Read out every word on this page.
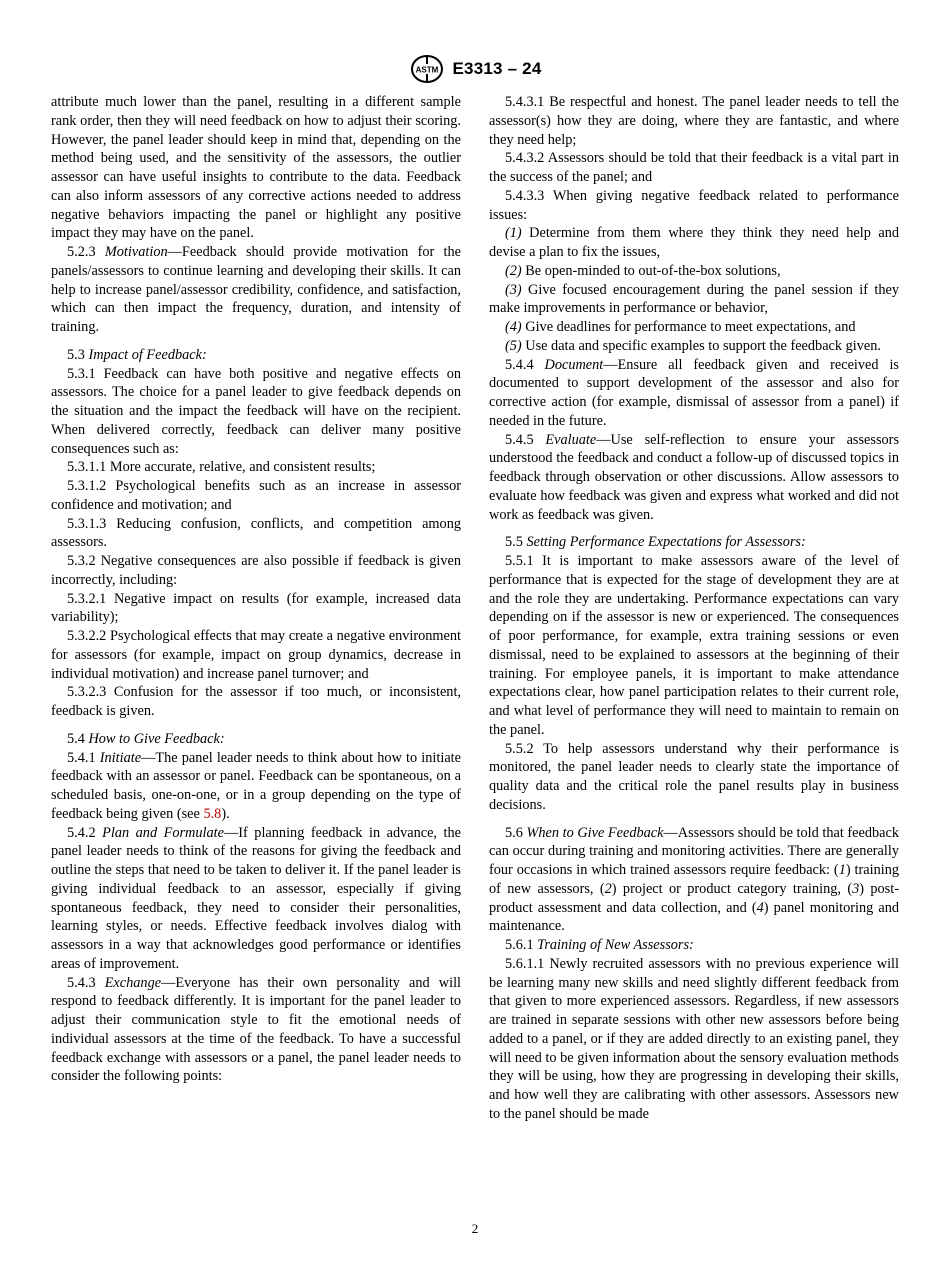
ASTM E3313 – 24

attribute much lower than the panel, resulting in a different sample rank order, then they will need feedback on how to adjust their scoring. However, the panel leader should keep in mind that, depending on the method being used, and the sensitivity of the assessors, the outlier assessor can have useful insights to contribute to the data. Feedback can also inform assessors of any corrective actions needed to address negative behaviors impacting the panel or highlight any positive impact they may have on the panel.

5.2.3 Motivation—Feedback should provide motivation for the panels/assessors to continue learning and developing their skills. It can help to increase panel/assessor credibility, confidence, and satisfaction, which can then impact the frequency, duration, and intensity of training.

5.3 Impact of Feedback:

5.3.1 Feedback can have both positive and negative effects on assessors. The choice for a panel leader to give feedback depends on the situation and the impact the feedback will have on the recipient. When delivered correctly, feedback can deliver many positive consequences such as:

5.3.1.1 More accurate, relative, and consistent results;

5.3.1.2 Psychological benefits such as an increase in assessor confidence and motivation; and

5.3.1.3 Reducing confusion, conflicts, and competition among assessors.

5.3.2 Negative consequences are also possible if feedback is given incorrectly, including:

5.3.2.1 Negative impact on results (for example, increased data variability);

5.3.2.2 Psychological effects that may create a negative environment for assessors (for example, impact on group dynamics, decrease in individual motivation) and increase panel turnover; and

5.3.2.3 Confusion for the assessor if too much, or inconsistent, feedback is given.

5.4 How to Give Feedback:

5.4.1 Initiate—The panel leader needs to think about how to initiate feedback with an assessor or panel. Feedback can be spontaneous, on a scheduled basis, one-on-one, or in a group depending on the type of feedback being given (see 5.8).

5.4.2 Plan and Formulate—If planning feedback in advance, the panel leader needs to think of the reasons for giving the feedback and outline the steps that need to be taken to deliver it. If the panel leader is giving individual feedback to an assessor, especially if giving spontaneous feedback, they need to consider their personalities, learning styles, or needs. Effective feedback involves dialog with assessors in a way that acknowledges good performance or identifies areas of improvement.

5.4.3 Exchange—Everyone has their own personality and will respond to feedback differently. It is important for the panel leader to adjust their communication style to fit the emotional needs of individual assessors at the time of the feedback. To have a successful feedback exchange with assessors or a panel, the panel leader needs to consider the following points:

5.4.3.1 Be respectful and honest. The panel leader needs to tell the assessor(s) how they are doing, where they are fantastic, and where they need help;

5.4.3.2 Assessors should be told that their feedback is a vital part in the success of the panel; and

5.4.3.3 When giving negative feedback related to performance issues:

(1) Determine from them where they think they need help and devise a plan to fix the issues,

(2) Be open-minded to out-of-the-box solutions,

(3) Give focused encouragement during the panel session if they make improvements in performance or behavior,

(4) Give deadlines for performance to meet expectations, and

(5) Use data and specific examples to support the feedback given.

5.4.4 Document—Ensure all feedback given and received is documented to support development of the assessor and also for corrective action (for example, dismissal of assessor from a panel) if needed in the future.

5.4.5 Evaluate—Use self-reflection to ensure your assessors understood the feedback and conduct a follow-up of discussed topics in feedback through observation or other discussions. Allow assessors to evaluate how feedback was given and express what worked and did not work as feedback was given.

5.5 Setting Performance Expectations for Assessors:

5.5.1 It is important to make assessors aware of the level of performance that is expected for the stage of development they are at and the role they are undertaking. Performance expectations can vary depending on if the assessor is new or experienced. The consequences of poor performance, for example, extra training sessions or even dismissal, need to be explained to assessors at the beginning of their training. For employee panels, it is important to make attendance expectations clear, how panel participation relates to their current role, and what level of performance they will need to maintain to remain on the panel.

5.5.2 To help assessors understand why their performance is monitored, the panel leader needs to clearly state the importance of quality data and the critical role the panel results play in business decisions.

5.6 When to Give Feedback—Assessors should be told that feedback can occur during training and monitoring activities. There are generally four occasions in which trained assessors require feedback: (1) training of new assessors, (2) project or product category training, (3) post-product assessment and data collection, and (4) panel monitoring and maintenance.

5.6.1 Training of New Assessors:

5.6.1.1 Newly recruited assessors with no previous experience will be learning many new skills and need slightly different feedback from that given to more experienced assessors. Regardless, if new assessors are trained in separate sessions with other new assessors before being added to a panel, or if they are added directly to an existing panel, they will need to be given information about the sensory evaluation methods they will be using, how they are progressing in developing their skills, and how well they are calibrating with other assessors. Assessors new to the panel should be made

2
